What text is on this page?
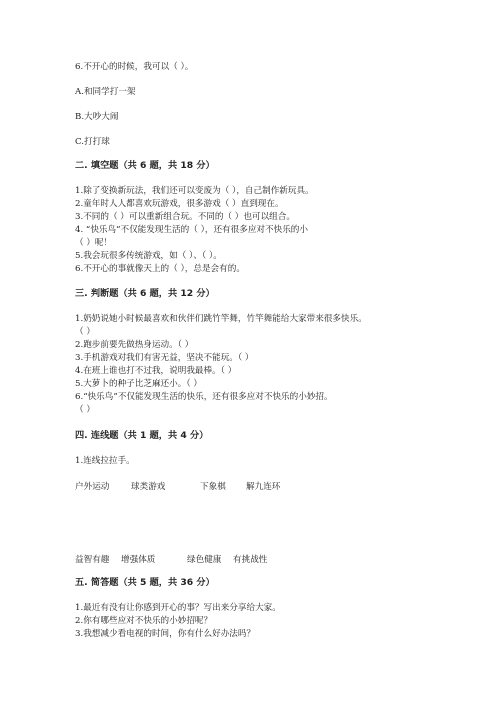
6.不开心的时候，我可以（ ）。
A.和同学打一架
B.大吵大闹
C.打打球
二. 填空题（共 6 题，共 18 分）
1.除了变换新玩法，我们还可以变废为（ ），自己制作新玩具。
2.童年时人人都喜欢玩游戏，很多游戏（ ）直到现在。
3.不同的（ ）可以重新组合玩。不同的（ ）也可以组合。
4. “快乐鸟”不仅能发现生活的（ ），还有很多应对不快乐的小
（ ）呢！
5.我会玩很多传统游戏，如（ ）、（ ）。
6.不开心的事就像天上的（ ），总是会有的。
三. 判断题（共 6 题，共 12 分）
1.奶奶说她小时候最喜欢和伙伴们跳竹竿舞，竹竿舞能给大家带来很多快乐。
（ ）
2.跑步前要先做热身运动。（ ）
3.手机游戏对我们有害无益，坚决不能玩。（ ）
4.在班上谁也打不过我，说明我最棒。（ ）
5.大萝卜的种子比芝麻还小。（ ）
6.“快乐鸟”不仅能发现生活的快乐，还有很多应对不快乐的小妙招。
（ ）
四. 连线题（共 1 题，共 4 分）
1.连线拉拉手。
户外运动	球类游戏	下象棋 解九连环
益智有趣 增强体质	绿色健康 有挑战性
五. 简答题（共 5 题，共 36 分）
1.最近有没有让你感到开心的事？写出来分享给大家。
2.你有哪些应对不快乐的小妙招呢？
3.我想减少看电视的时间，你有什么好办法吗？
